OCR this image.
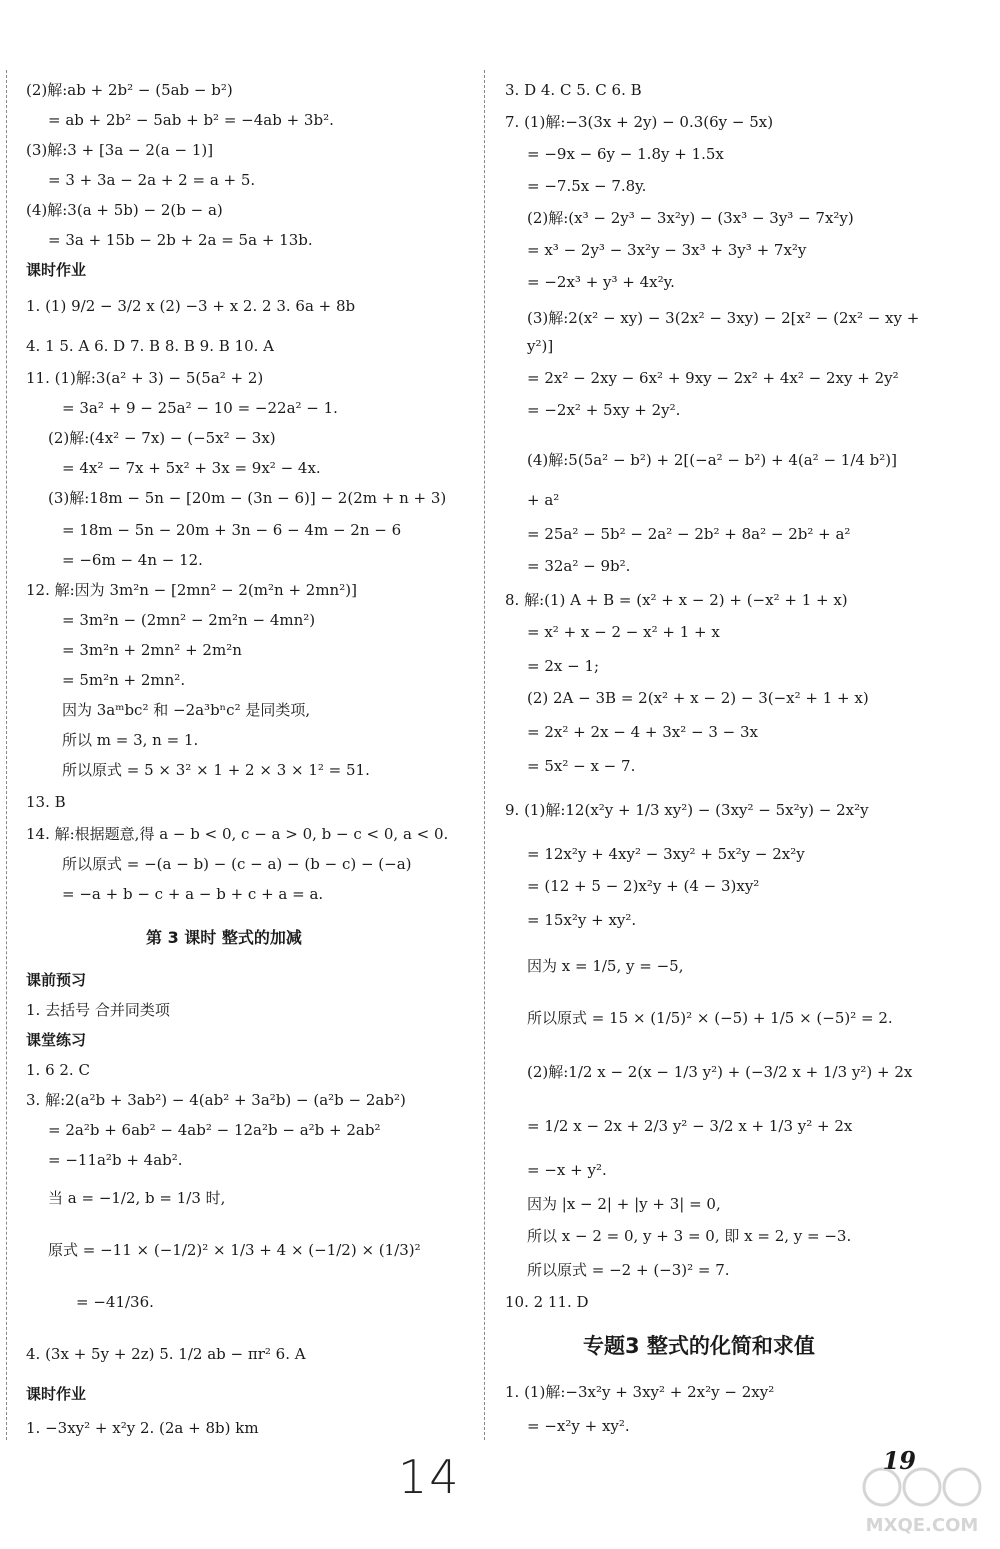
(2)解:ab + 2b² − (5ab − b²)
= ab + 2b² − 5ab + b² = −4ab + 3b².
(3)解:3 + [3a − 2(a − 1)]
= 3 + 3a − 2a + 2 = a + 5.
(4)解:3(a + 5b) − 2(b − a)
= 3a + 15b − 2b + 2a = 5a + 13b.
课时作业
1. (1) 9/2 − 3/2 x (2) −3 + x 2. 2 3. 6a + 8b
4. 1 5. A 6. D 7. B 8. B 9. B 10. A
11. (1)解:3(a² + 3) − 5(5a² + 2)
= 3a² + 9 − 25a² − 10 = −22a² − 1.
(2)解:(4x² − 7x) − (−5x² − 3x)
= 4x² − 7x + 5x² + 3x = 9x² − 4x.
(3)解:18m − 5n − [20m − (3n − 6)] − 2(2m + n + 3)
= 18m − 5n − 20m + 3n − 6 − 4m − 2n − 6
= −6m − 4n − 12.
12. 解:因为 3m²n − [2mn² − 2(m²n + 2mn²)]
= 3m²n − (2mn² − 2m²n − 4mn²)
= 3m²n + 2mn² + 2m²n
= 5m²n + 2mn².
因为 3aᵐbc² 和 −2a³bⁿc² 是同类项,
所以 m = 3, n = 1.
所以原式 = 5 × 3² × 1 + 2 × 3 × 1² = 51.
13. B
14. 解:根据题意,得 a − b < 0, c − a > 0, b − c < 0, a < 0.
所以原式 = −(a − b) − (c − a) − (b − c) − (−a)
= −a + b − c + a − b + c + a = a.
第 3 课时 整式的加减
课前预习
1. 去括号 合并同类项
课堂练习
1. 6 2. C
3. 解:2(a²b + 3ab²) − 4(ab² + 3a²b) − (a²b − 2ab²)
= 2a²b + 6ab² − 4ab² − 12a²b − a²b + 2ab²
= −11a²b + 4ab².
当 a = −1/2, b = 1/3 时,
原式 = −11 × (−1/2)² × 1/3 + 4 × (−1/2) × (1/3)²
= −41/36.
4. (3x + 5y + 2z) 5. 1/2 ab − πr² 6. A
课时作业
1. −3xy² + x²y 2. (2a + 8b) km
3. D 4. C 5. C 6. B
7. (1)解:−3(3x + 2y) − 0.3(6y − 5x)
= −9x − 6y − 1.8y + 1.5x
= −7.5x − 7.8y.
(2)解:(x³ − 2y³ − 3x²y) − (3x³ − 3y³ − 7x²y)
= x³ − 2y³ − 3x²y − 3x³ + 3y³ + 7x²y
= −2x³ + y³ + 4x²y.
(3)解:2(x² − xy) − 3(2x² − 3xy) − 2[x² − (2x² − xy +
y²)]
= 2x² − 2xy − 6x² + 9xy − 2x² + 4x² − 2xy + 2y²
= −2x² + 5xy + 2y².
(4)解:5(5a² − b²) + 2[(−a² − b²) + 4(a² − 1/4 b²)]
+ a²
= 25a² − 5b² − 2a² − 2b² + 8a² − 2b² + a²
= 32a² − 9b².
8. 解:(1) A + B = (x² + x − 2) + (−x² + 1 + x)
= x² + x − 2 − x² + 1 + x
= 2x − 1;
(2) 2A − 3B = 2(x² + x − 2) − 3(−x² + 1 + x)
= 2x² + 2x − 4 + 3x² − 3 − 3x
= 5x² − x − 7.
9. (1)解:12(x²y + 1/3 xy²) − (3xy² − 5x²y) − 2x²y
= 12x²y + 4xy² − 3xy² + 5x²y − 2x²y
= (12 + 5 − 2)x²y + (4 − 3)xy²
= 15x²y + xy².
因为 x = 1/5, y = −5,
所以原式 = 15 × (1/5)² × (−5) + 1/5 × (−5)² = 2.
(2)解:1/2 x − 2(x − 1/3 y²) + (−3/2 x + 1/3 y²) + 2x
= 1/2 x − 2x + 2/3 y² − 3/2 x + 1/3 y² + 2x
= −x + y².
因为 |x − 2| + |y + 3| = 0,
所以 x − 2 = 0, y + 3 = 0, 即 x = 2, y = −3.
所以原式 = −2 + (−3)² = 7.
10. 2 11. D
专题3 整式的化简和求值
1. (1)解:−3x²y + 3xy² + 2x²y − 2xy²
= −x²y + xy².
19
14
MXQE.COM
